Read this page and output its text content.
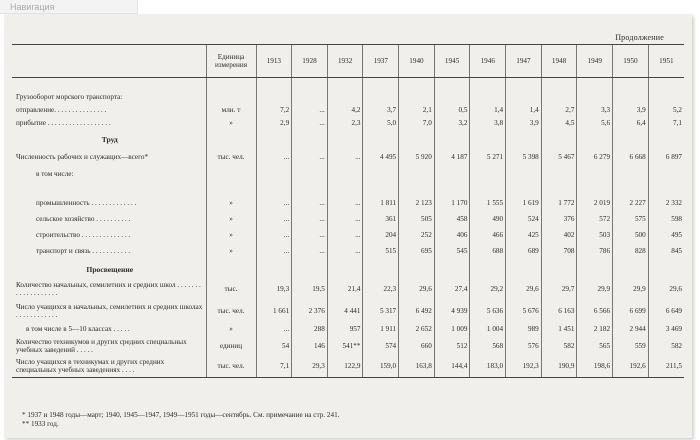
Навигация
Продолжение
	Единица измерения	1913	1928	1932	1937	1940	1945	1946	1947	1948	1949	1950	1951

Грузооборот морского транспорта:													
отправление. . . . . . . . . . . . . . .	млн. т	7,2	...	4,2	3,7	2,1	0,5	1,4	1,4	2,7	3,3	3,9	5,2
прибытие . . . . . . . . . . . . . . . . . .	»	2,9	...	2,3	5,0	7,0	3,2	3,8	3,9	4,5	5,6	6,4	7,1
Труд													
Численность рабочих и служащих—всего*	тыс. чел.	...	...	...	4 495	5 920	4 187	5 271	5 398	5 467	6 279	6 668	6 897
в том числе:													

промышленность . . . . . . . . . . . . .	»	...	...	...	1 811	2 123	1 170	1 555	1 619	1 772	2 019	2 227	2 332
сельское хозяйство . . . . . . . . . .	»	...	...	...	361	505	458	490	524	376	572	575	598
строительство . . . . . . . . . . . . . .	»	...	...	...	204	252	406	466	425	402	503	500	495
транспорт и связь . . . . . . . . . . .	»	...	...	...	515	695	545	688	689	708	786	828	845
Просвещение													
Количество начальных, семилетних и средних школ . . . . . . . . . . . . . . . . . . .	тыс.	19,3	19,5	21,4	22,3	29,6	27,4	29,2	29,6	29,7	29,9	29,9	29,6
Число учащихся в начальных, семилетних и средних школах . . . . . . . . . . . .	тыс. чел.	1 661	2 376	4 441	5 317	6 492	4 939	5 636	5 676	6 163	6 566	6 699	6 649
в том числе в 5—10 классах . . . . .	»	...	288	957	1 911	2 652	1 009	1 004	989	1 451	2 182	2 944	3 469
Количество техникумов и других средних специальных учебных заведений . . . . .	единиц	54	146	541**	574	660	512	568	576	582	565	559	582
Число учащихся в техникумах и других средних специальных учебных заведениях . . . .	тыс. чел.	7,1	29,3	122,9	159,0	163,8	144,4	183,0	192,3	190,9	198,6	192,6	211,5
* 1937 и 1948 годы—март; 1940, 1945—1947, 1949—1951 годы—сентябрь. См. примечание на стр. 241.
** 1933 год.
